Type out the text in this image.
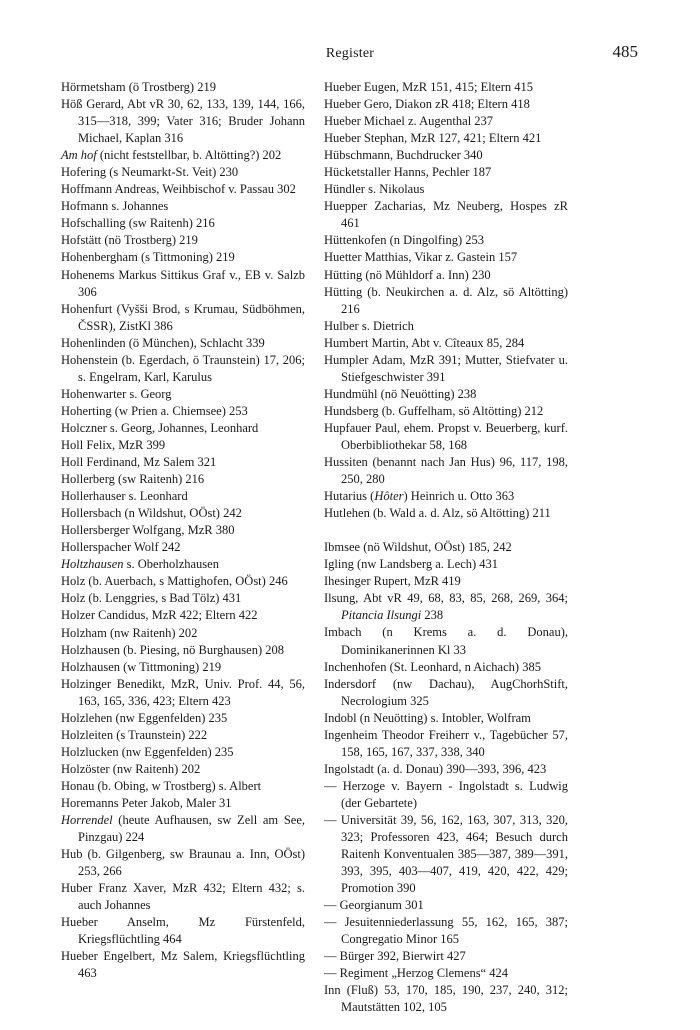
Register	485
Hörmetsham (ö Trostberg) 219
Höß Gerard, Abt vR 30, 62, 133, 139, 144, 166, 315—318, 399; Vater 316; Bruder Johann Michael, Kaplan 316
Am hof (nicht feststellbar, b. Altötting?) 202
Hofering (s Neumarkt-St. Veit) 230
Hoffmann Andreas, Weihbischof v. Passau 302
Hofmann s. Johannes
Hofschalling (sw Raitenh) 216
Hofstätt (nö Trostberg) 219
Hohenbergham (s Tittmoning) 219
Hohenems Markus Sittikus Graf v., EB v. Salzb 306
Hohenfurt (Vyšši Brod, s Krumau, Südböhmen, ČSSR), ZistKl 386
Hohenlinden (ö München), Schlacht 339
Hohenstein (b. Egerdach, ö Traunstein) 17, 206; s. Engelram, Karl, Karulus
Hohenwarter s. Georg
Hoherting (w Prien a. Chiemsee) 253
Holczner s. Georg, Johannes, Leonhard
Holl Felix, MzR 399
Holl Ferdinand, Mz Salem 321
Hollerberg (sw Raitenh) 216
Hollerhauser s. Leonhard
Hollersbach (n Wildshut, OÖst) 242
Hollersberger Wolfgang, MzR 380
Hollerspacher Wolf 242
Holtzhausen s. Oberholzhausen
Holz (b. Auerbach, s Mattighofen, OÖst) 246
Holz (b. Lenggries, s Bad Tölz) 431
Holzer Candidus, MzR 422; Eltern 422
Holzham (nw Raitenh) 202
Holzhausen (b. Piesing, nö Burghausen) 208
Holzhausen (w Tittmoning) 219
Holzinger Benedikt, MzR, Univ. Prof. 44, 56, 163, 165, 336, 423; Eltern 423
Holzlehen (nw Eggenfelden) 235
Holzleiten (s Traunstein) 222
Holzlucken (nw Eggenfelden) 235
Holzöster (nw Raitenh) 202
Honau (b. Obing, w Trostberg) s. Albert
Horemanns Peter Jakob, Maler 31
Horrendel (heute Aufhausen, sw Zell am See, Pinzgau) 224
Hub (b. Gilgenberg, sw Braunau a. Inn, OÖst) 253, 266
Huber Franz Xaver, MzR 432; Eltern 432; s. auch Johannes
Hueber Anselm, Mz Fürstenfeld, Kriegsflüchtling 464
Hueber Engelbert, Mz Salem, Kriegsflüchtling 463
Hueber Eugen, MzR 151, 415; Eltern 415
Hueber Gero, Diakon zR 418; Eltern 418
Hueber Michael z. Augenthal 237
Hueber Stephan, MzR 127, 421; Eltern 421
Hübschmann, Buchdrucker 340
Hücketstaller Hanns, Pechler 187
Hündler s. Nikolaus
Huepper Zacharias, Mz Neuberg, Hospes zR 461
Hüttenkofen (n Dingolfing) 253
Huetter Matthias, Vikar z. Gastein 157
Hütting (nö Mühldorf a. Inn) 230
Hütting (b. Neukirchen a. d. Alz, sö Altötting) 216
Hulber s. Dietrich
Humbert Martin, Abt v. Cîteaux 85, 284
Humpler Adam, MzR 391; Mutter, Stiefvater u. Stiefgeschwister 391
Hundmühl (nö Neuötting) 238
Hundsberg (b. Guffelham, sö Altötting) 212
Hupfauer Paul, ehem. Propst v. Beuerberg, kurf. Oberbibliothekar 58, 168
Hussiten (benannt nach Jan Hus) 96, 117, 198, 250, 280
Hutarius (Hôter) Heinrich u. Otto 363
Hutlehen (b. Wald a. d. Alz, sö Altötting) 211
Ibmsee (nö Wildshut, OÖst) 185, 242
Igling (nw Landsberg a. Lech) 431
Ihesinger Rupert, MzR 419
Ilsung, Abt vR 49, 68, 83, 85, 268, 269, 364; Pitancia Ilsungi 238
Imbach (n Krems a. d. Donau), Dominikanerinnen Kl 33
Inchenhofen (St. Leonhard, n Aichach) 385
Indersdorf (nw Dachau), AugChorhStift, Necrologium 325
Indobl (n Neuötting) s. Intobler, Wolfram
Ingenheim Theodor Freiherr v., Tagebücher 57, 158, 165, 167, 337, 338, 340
Ingolstadt (a. d. Donau) 390—393, 396, 423
— Herzoge v. Bayern - Ingolstadt s. Ludwig (der Gebartete)
— Universität 39, 56, 162, 163, 307, 313, 320, 323; Professoren 423, 464; Besuch durch Raitenh Konventualen 385—387, 389—391, 393, 395, 403—407, 419, 420, 422, 429; Promotion 390
— Georgianum 301
— Jesuitenniederlassung 55, 162, 165, 387; Congregatio Minor 165
— Bürger 392, Bierwirt 427
— Regiment „Herzog Clemens“ 424
Inn (Fluß) 53, 170, 185, 190, 237, 240, 312; Mautstätten 102, 105
